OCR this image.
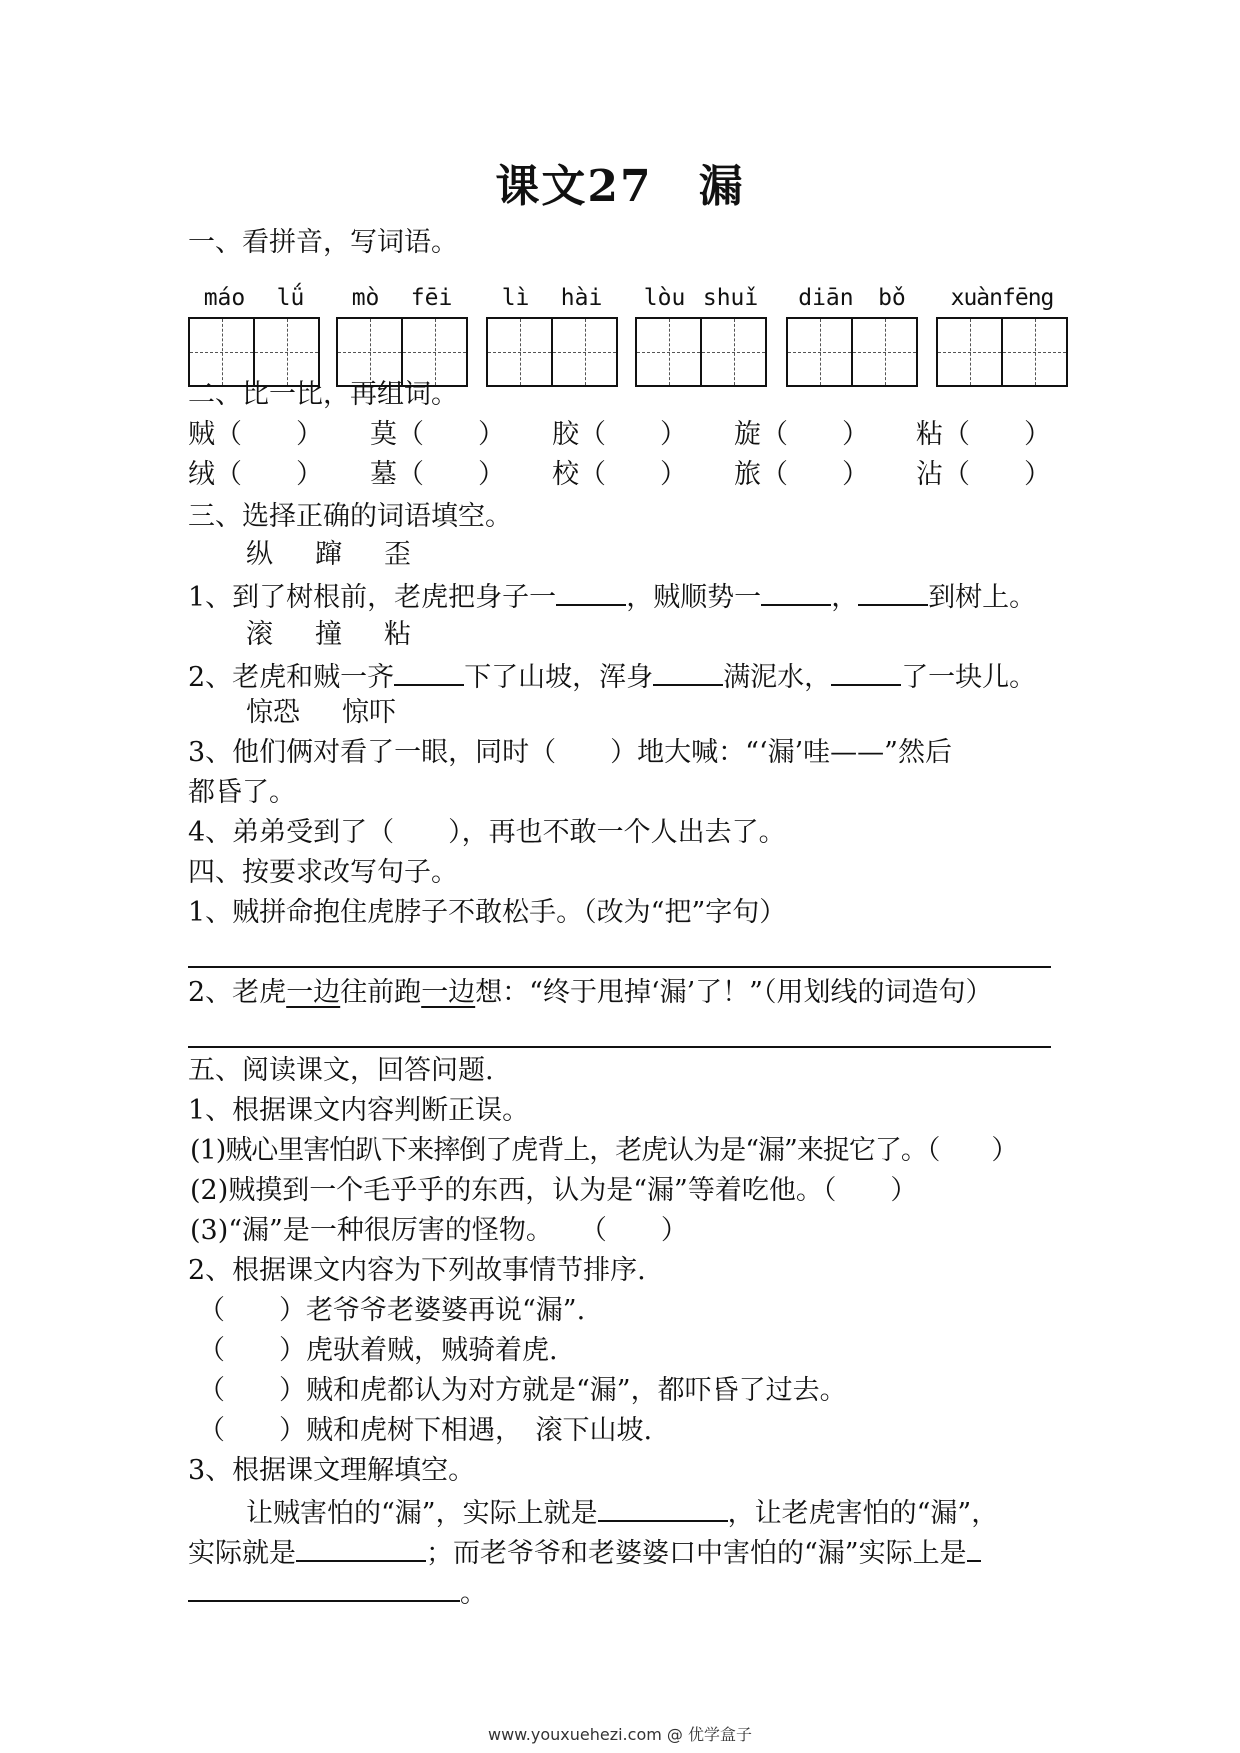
课文27　漏
一、看拼音，写词语。
máo lǘ mò fēi lì hài lòu shuǐ diān bǒ xuànfēng
二、比一比，再组词。
贼（　　） 莫（　　） 胶（　　） 旋（　　） 粘（　　）
绒（　　） 墓（　　） 校（　　） 旅（　　） 沾（　　）
三、选择正确的词语填空。
纵 蹿 歪
1、到了树根前，老虎把身子一	，贼顺势一	，	到树上。
滚 撞 粘
2、老虎和贼一齐	下了山坡，浑身	满泥水，	了一块儿。
惊恐 惊吓
3、他们俩对看了一眼，同时（　　）地大喊：“‘漏’哇——”然后
都昏了。
4、弟弟受到了（　　），再也不敢一个人出去了。
四、按要求改写句子。
1、贼拼命抱住虎脖子不敢松手。（改为“把”字句）
2、老虎一边往前跑一边想：“终于甩掉‘漏’了！”（用划线的词造句）
五、阅读课文，回答问题.
1、根据课文内容判断正误。
(1)贼心里害怕趴下来摔倒了虎背上，老虎认为是“漏”来捉它了。（　　）
(2)贼摸到一个毛乎乎的东西，认为是“漏”等着吃他。（　　）
(3)“漏”是一种很厉害的怪物。　　（　　）
2、根据课文内容为下列故事情节排序.
（　　）老爷爷老婆婆再说“漏”.
（　　）虎驮着贼，贼骑着虎.
（　　）贼和虎都认为对方就是“漏”，都吓昏了过去。
（　　）贼和虎树下相遇，　滚下山坡.
3、根据课文理解填空。
让贼害怕的“漏”，实际上就是	，让老虎害怕的“漏”，
实际就是	；而老爷爷和老婆婆口中害怕的“漏”实际上是
。
www.youxuehezi.com @ 优学盒子
